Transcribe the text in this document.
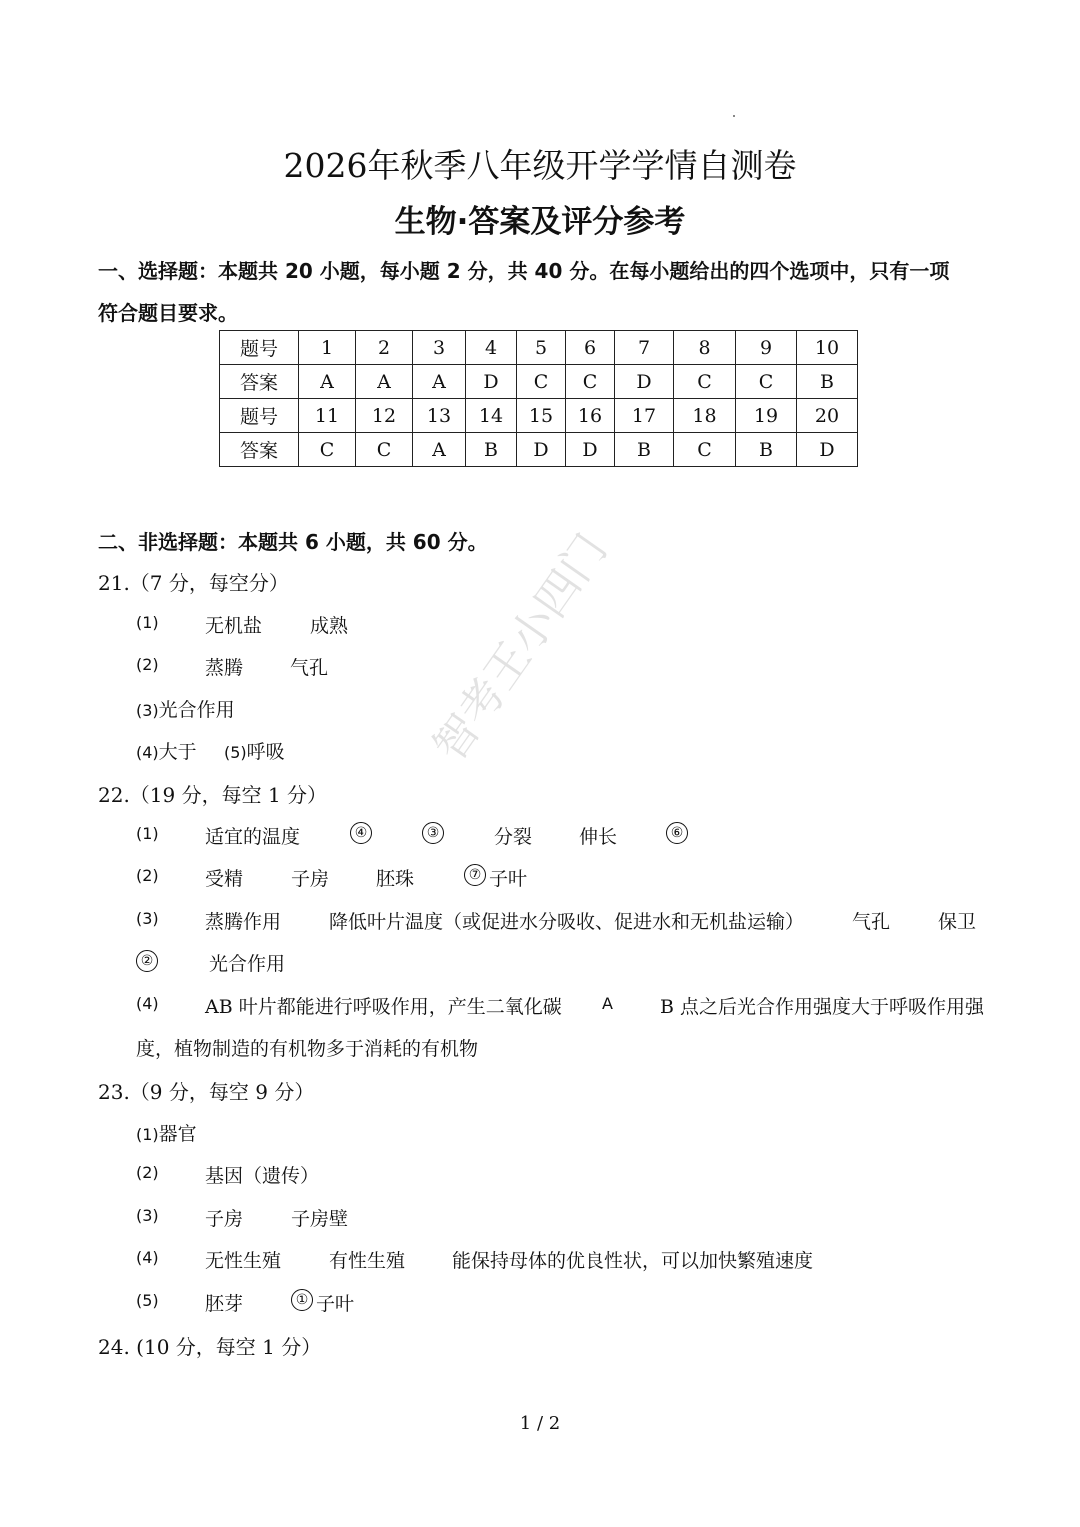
2026年秋季八年级开学学情自测卷
生物·答案及评分参考
一、选择题：本题共 20 小题，每小题 2 分，共 40 分。在每小题给出的四个选项中，只有一项
符合题目要求。
题号	1	2	3	4	5	6	7	8	9	10
答案	A	A	A	D	C	C	D	C	C	B
题号	11	12	13	14	15	16	17	18	19	20
答案	C	C	A	B	D	D	B	C	B	D
二、非选择题：本题共 6 小题，共 60 分。
21.（7 分，每空分）
(1) 无机盐	成熟
(2) 蒸腾 气孔
(3)光合作用
(4)大于 (5)呼吸
22.（19 分，每空 1 分）
(1) 适宜的温度	④	③	分裂 伸长	⑥
(2) 受精	子房 胚珠	⑦ 子叶
(3) 蒸腾作用	降低叶片温度（或促进水分吸收、促进水和无机盐运输）	气孔	保卫
②	光合作用
(4) AB 叶片都能进行呼吸作用，产生二氧化碳	A B 点之后光合作用强度大于呼吸作用强
度，植物制造的有机物多于消耗的有机物
23.（9 分，每空 9 分）
(1)器官
(2) 基因（遗传）
(3) 子房	子房壁
(4) 无性生殖	有性生殖 能保持母体的优良性状，可以加快繁殖速度
(5) 胚芽	① 子叶
24. (10 分，每空 1 分）
智考王小四门
1 / 2
